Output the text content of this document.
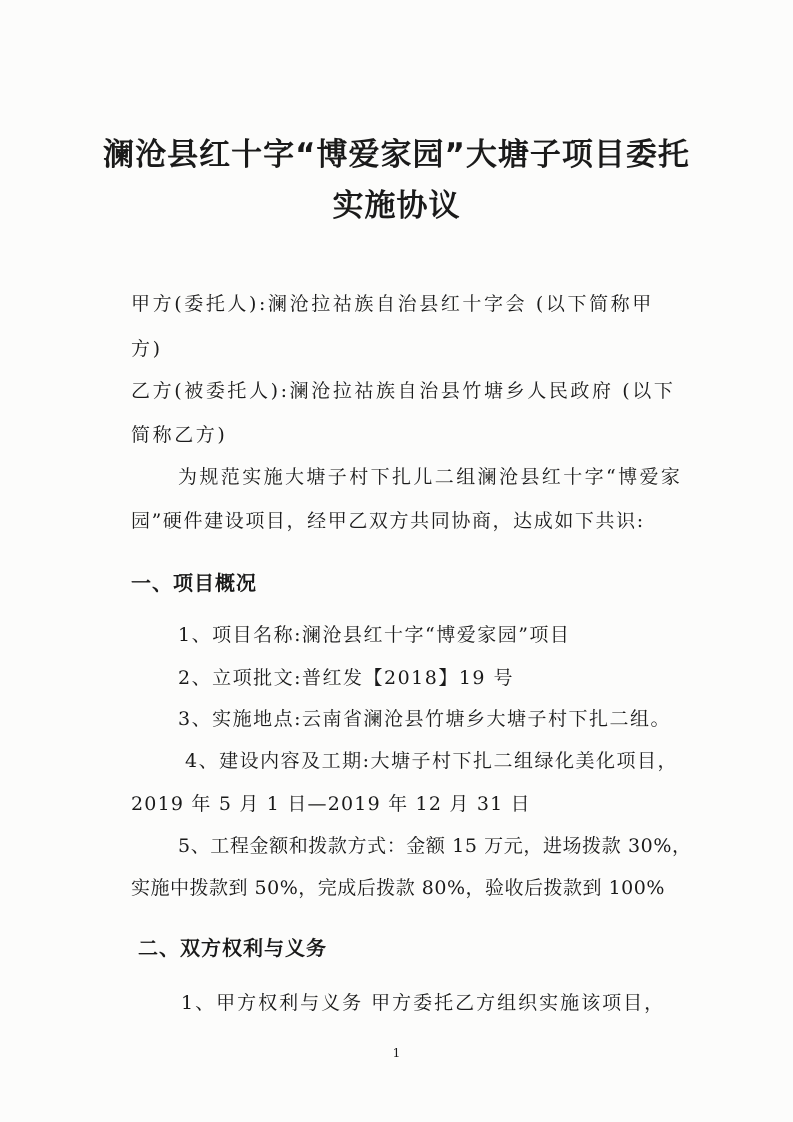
澜沧县红十字“博爱家园”大塘子项目委托
实施协议
甲方(委托人):澜沧拉祜族自治县红十字会 (以下简称甲
方)
乙方(被委托人):澜沧拉祜族自治县竹塘乡人民政府 (以下
简称乙方)
为规范实施大塘子村下扎儿二组澜沧县红十字“博爱家
园”硬件建设项目，经甲乙双方共同协商，达成如下共识:
一、项目概况
1、项目名称:澜沧县红十字“博爱家园”项目
2、立项批文:普红发【2018】19 号
3、实施地点:云南省澜沧县竹塘乡大塘子村下扎二组。
4、建设内容及工期:大塘子村下扎二组绿化美化项目，
2019 年 5 月 1 日—2019 年 12 月 31 日
5、工程金额和拨款方式：金额 15 万元，进场拨款 30%，
实施中拨款到 50%，完成后拨款 80%，验收后拨款到 100%
二、双方权利与义务
1、甲方权利与义务 甲方委托乙方组织实施该项目，
1
